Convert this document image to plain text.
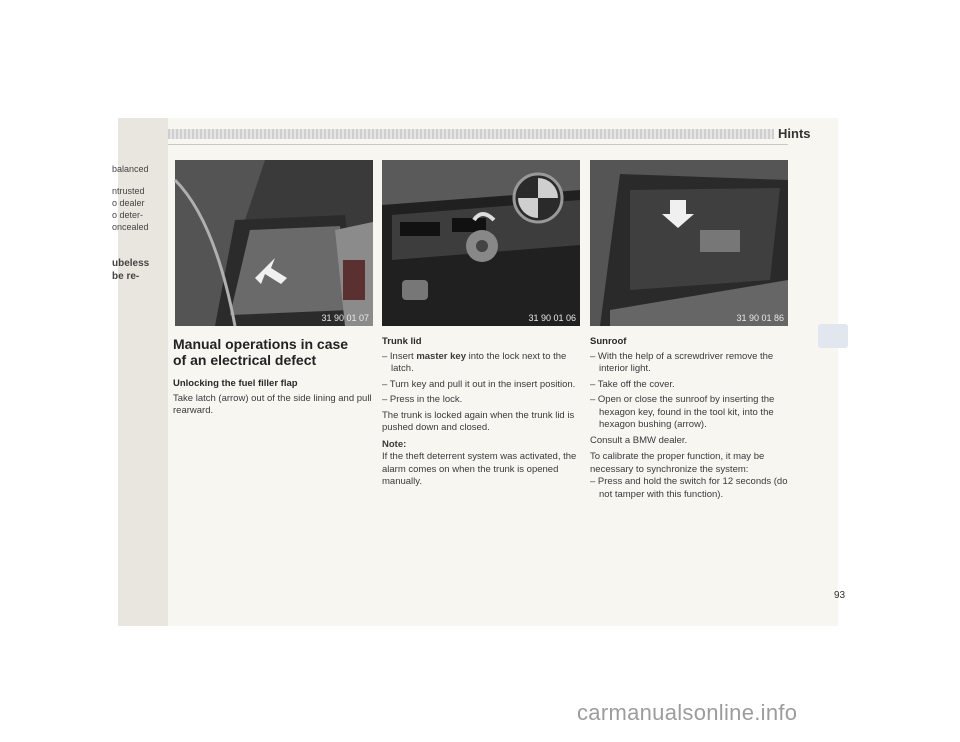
balanced
ntrusted
o dealer
o deter-
oncealed
ubeless
be re-
Hints
31 90 01 07	31 90 01 06	31 90 01 86
Manual operations in case
of an electrical defect
Unlocking the fuel filler flap
Take latch (arrow) out of the side lining and pull rearward.
Trunk lid
– Insert master key into the lock next to the latch.
– Turn key and pull it out in the insert position.
– Press in the lock.
The trunk is locked again when the trunk lid is pushed down and closed.
Note:
If the theft deterrent system was activated, the alarm comes on when the trunk is opened manually.
Sunroof
– With the help of a screwdriver remove the interior light.
– Take off the cover.
– Open or close the sunroof by inserting the hexagon key, found in the tool kit, into the hexagon bushing (arrow).
Consult a BMW dealer.
To calibrate the proper function, it may be necessary to synchronize the system:
– Press and hold the switch for 12 seconds (do not tamper with this function).
93
carmanualsonline.info
